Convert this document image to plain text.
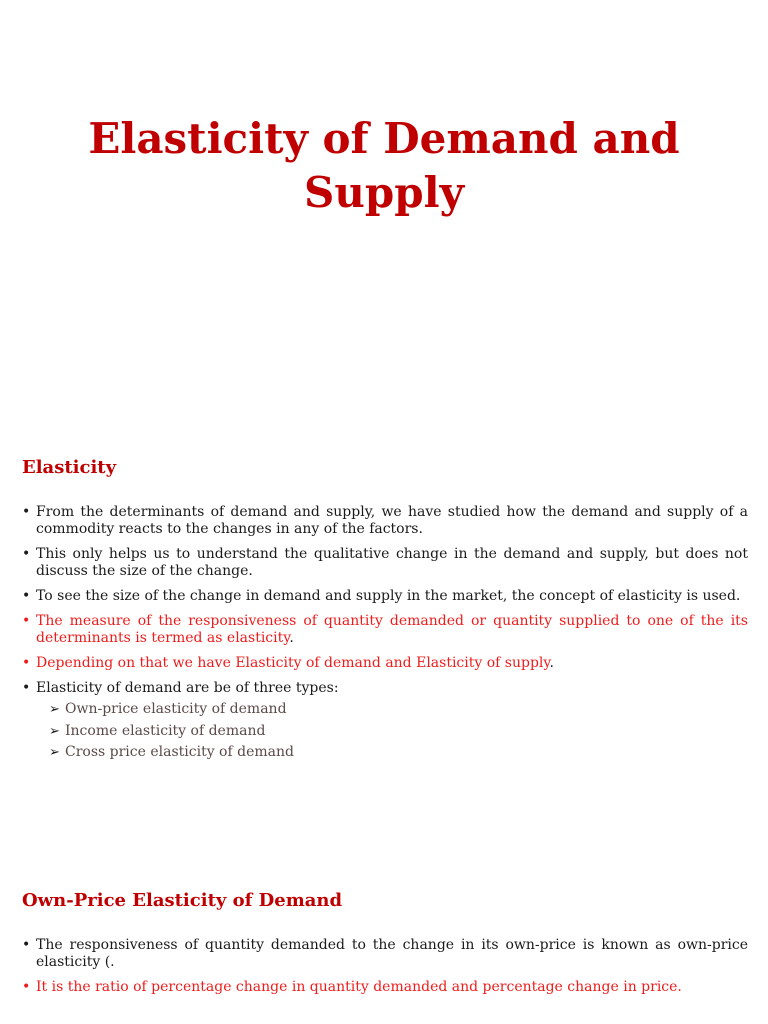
Elasticity of Demand and
Supply
Elasticity
• From the determinants of demand and supply, we have studied how the demand and supply of a commodity reacts to the changes in any of the factors.
• This only helps us to understand the qualitative change in the demand and supply, but does not discuss the size of the change.
• To see the size of the change in demand and supply in the market, the concept of elasticity is used.
• The measure of the responsiveness of quantity demanded or quantity supplied to one of the its determinants is termed as elasticity.
• Depending on that we have Elasticity of demand and Elasticity of supply.
• Elasticity of demand are be of three types:
➢ Own-price elasticity of demand
➢ Income elasticity of demand
➢ Cross price elasticity of demand
Own-Price Elasticity of Demand
• The responsiveness of quantity demanded to the change in its own-price is known as own-price elasticity (.
• It is the ratio of percentage change in quantity demanded and percentage change in price.
